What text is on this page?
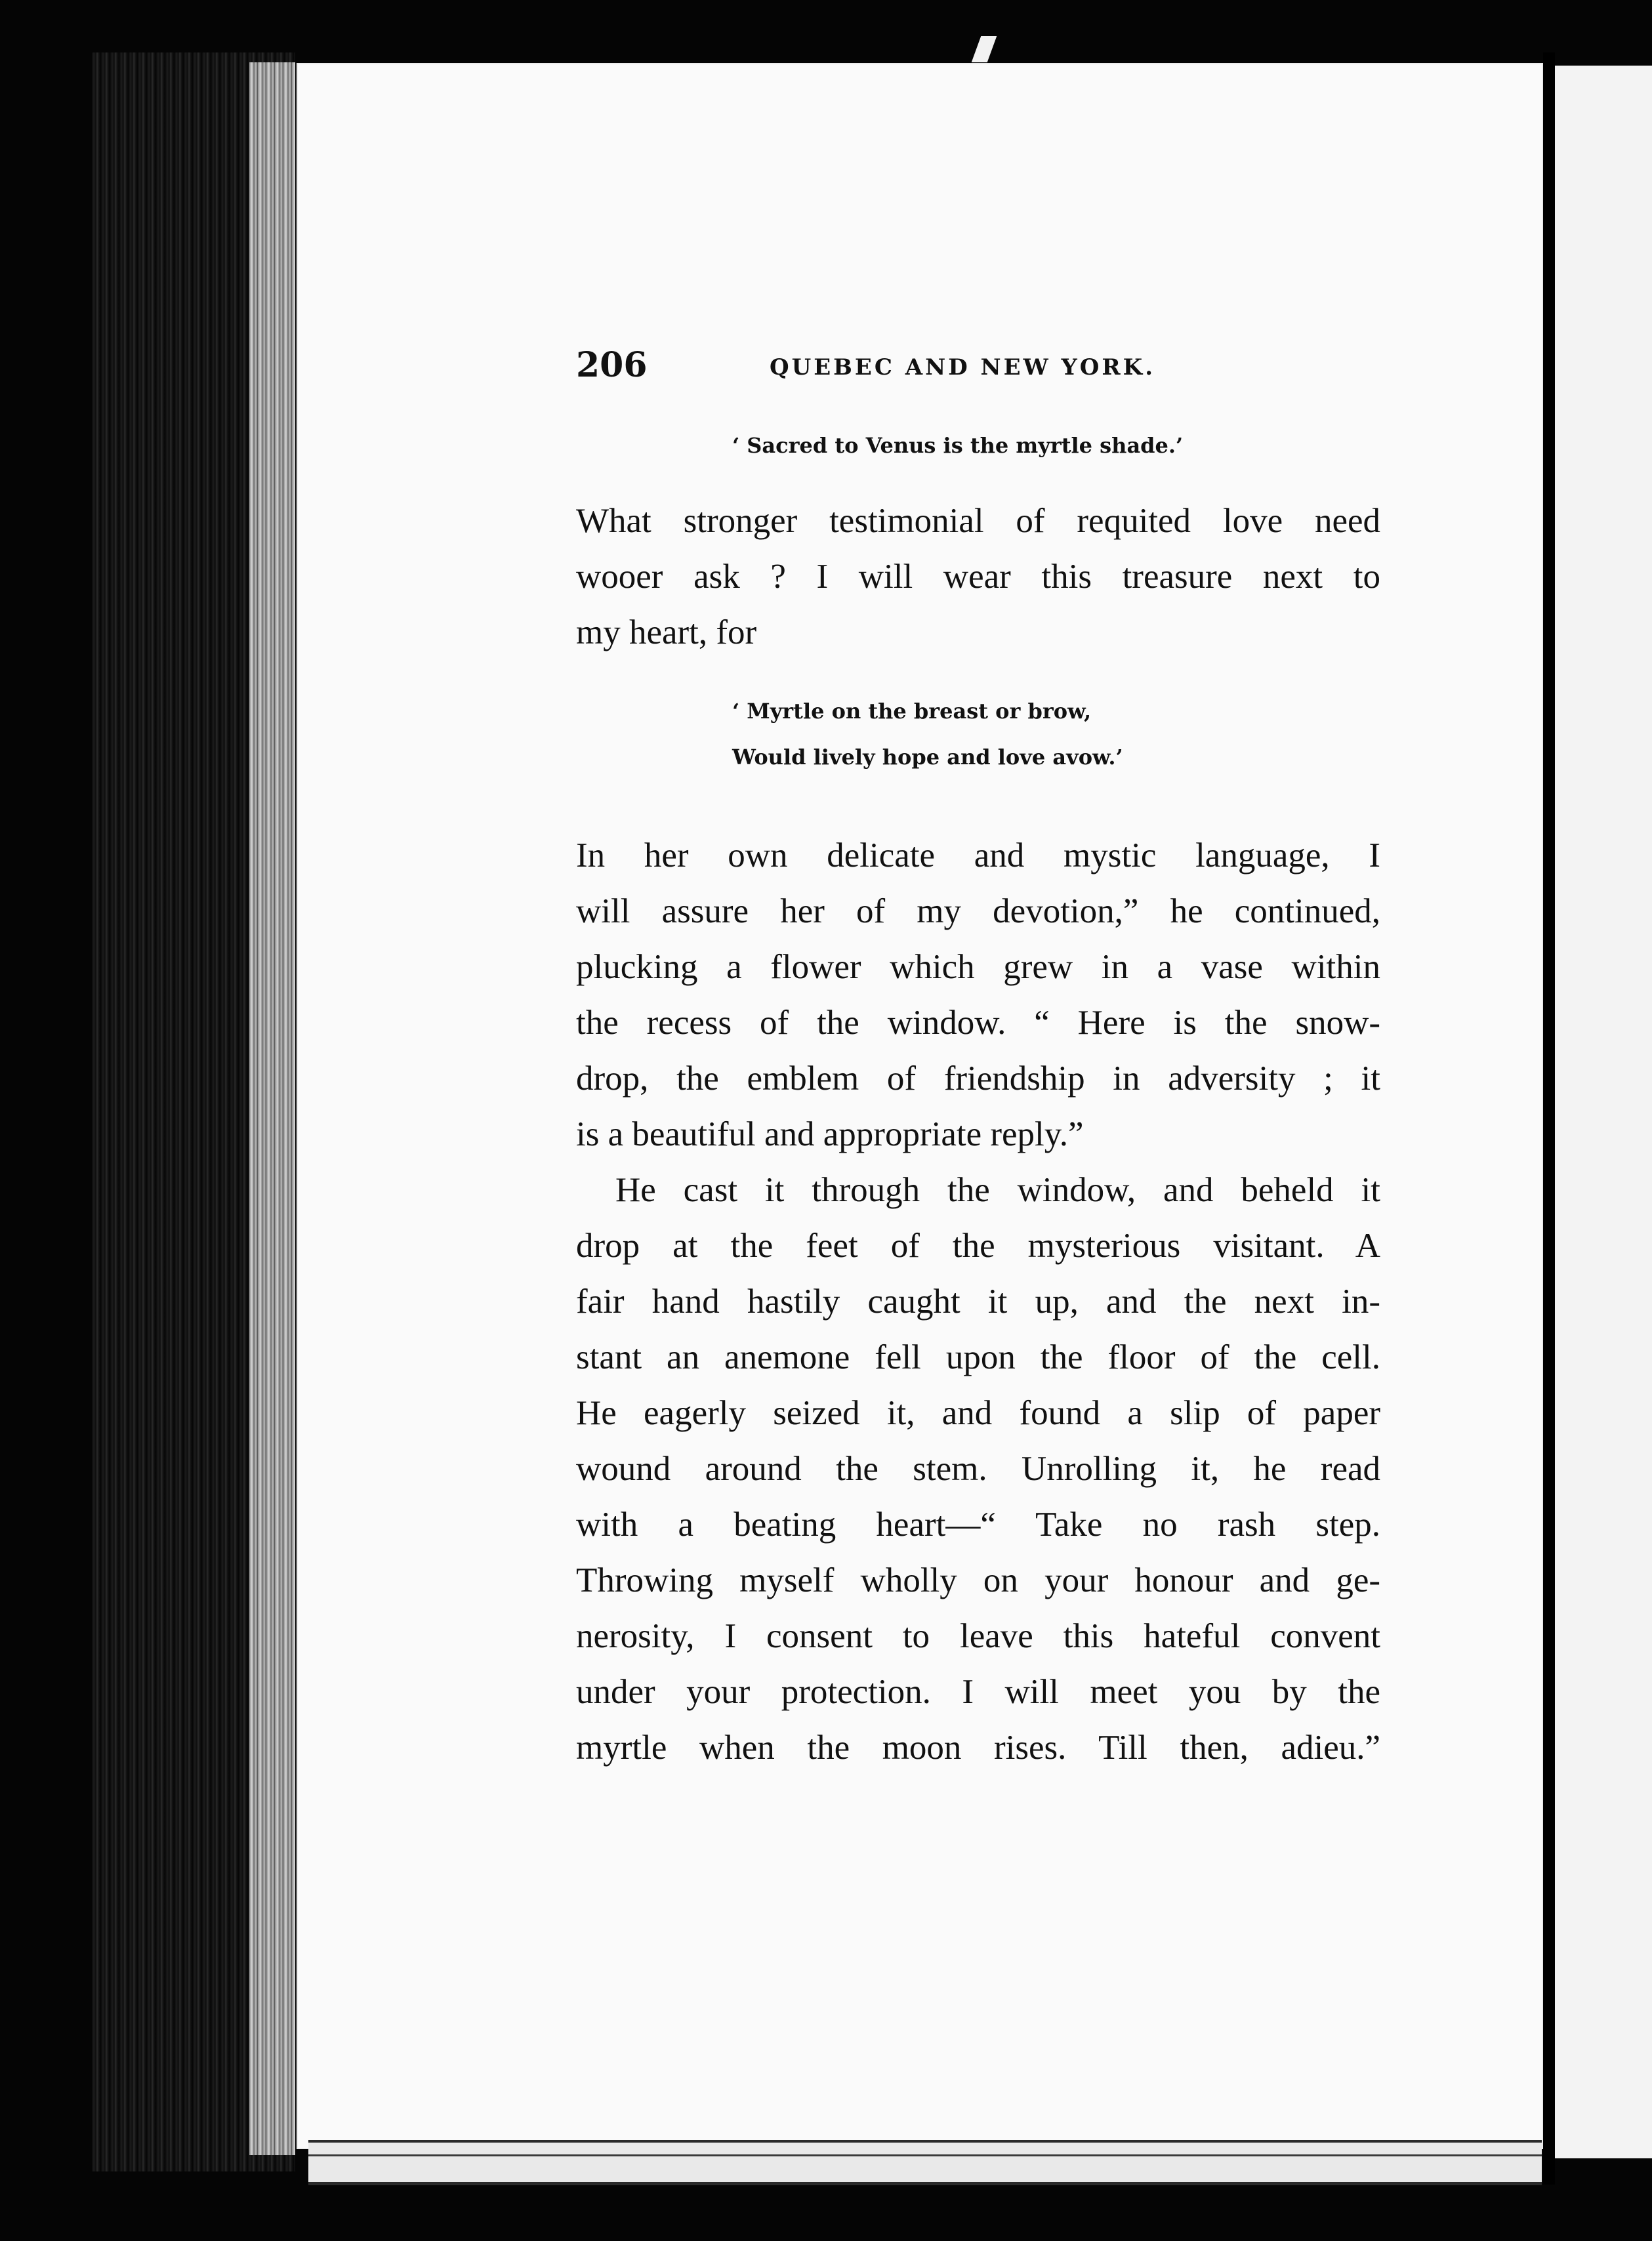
206	QUEBEC AND NEW YORK.
‘ Sacred to Venus is the myrtle shade.’
What stronger testimonial of requited love need
wooer ask ? I will wear this treasure next to
my heart, for
‘ Myrtle on the breast or brow,
Would lively hope and love avow.’
In her own delicate and mystic language, I
will assure her of my devotion,” he continued,
plucking a flower which grew in a vase within
the recess of the window. “ Here is the snow-
drop, the emblem of friendship in adversity ; it
is a beautiful and appropriate reply.”
He cast it through the window, and beheld it
drop at the feet of the mysterious visitant. A
fair hand hastily caught it up, and the next in-
stant an anemone fell upon the floor of the cell.
He eagerly seized it, and found a slip of paper
wound around the stem. Unrolling it, he read
with a beating heart—“ Take no rash step.
Throwing myself wholly on your honour and ge-
nerosity, I consent to leave this hateful convent
under your protection. I will meet you by the
myrtle when the moon rises. Till then, adieu.”
